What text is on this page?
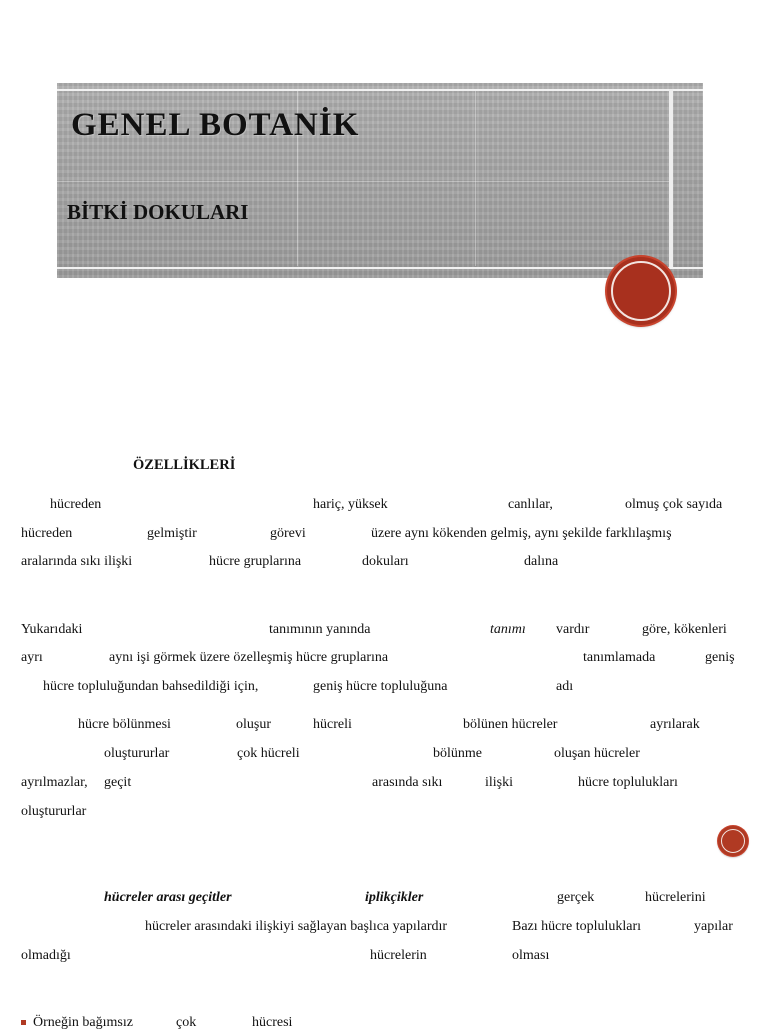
GENEL BOTANİK
BİTKİ DOKULARI
ÖZELLİKLERİ
hücreden	hariç, yüksek	canlılar,	olmuş çok sayıda
hücreden	gelmiştir	görevi	üzere aynı kökenden gelmiş, aynı şekilde farklılaşmış
aralarında sıkı ilişki	hücre gruplarına	dokuları	dalına
Yukarıdaki	tanımının yanında	tanımı vardır	göre, kökenleri
ayrı	aynı işi görmek üzere özelleşmiş hücre gruplarına	tanımlamada	geniş
hücre topluluğundan bahsedildiği için,	geniş hücre topluluğuna	adı
hücre bölünmesi	oluşur	hücreli	bölünen hücreler	ayrılarak
oluştururlar	çok hücreli	bölünme	oluşan hücreler
ayrılmazlar, geçit	arasında sıkı	ilişki	hücre toplulukları
oluştururlar
hücreler arası geçitler	iplikçikler	gerçek	hücrelerini
hücreler arasındaki ilişkiyi sağlayan başlıca yapılardır	Bazı hücre toplulukları	yapılar
olmadığı	hücrelerin	olması
Örneğin bağımsız	çok	hücresi
